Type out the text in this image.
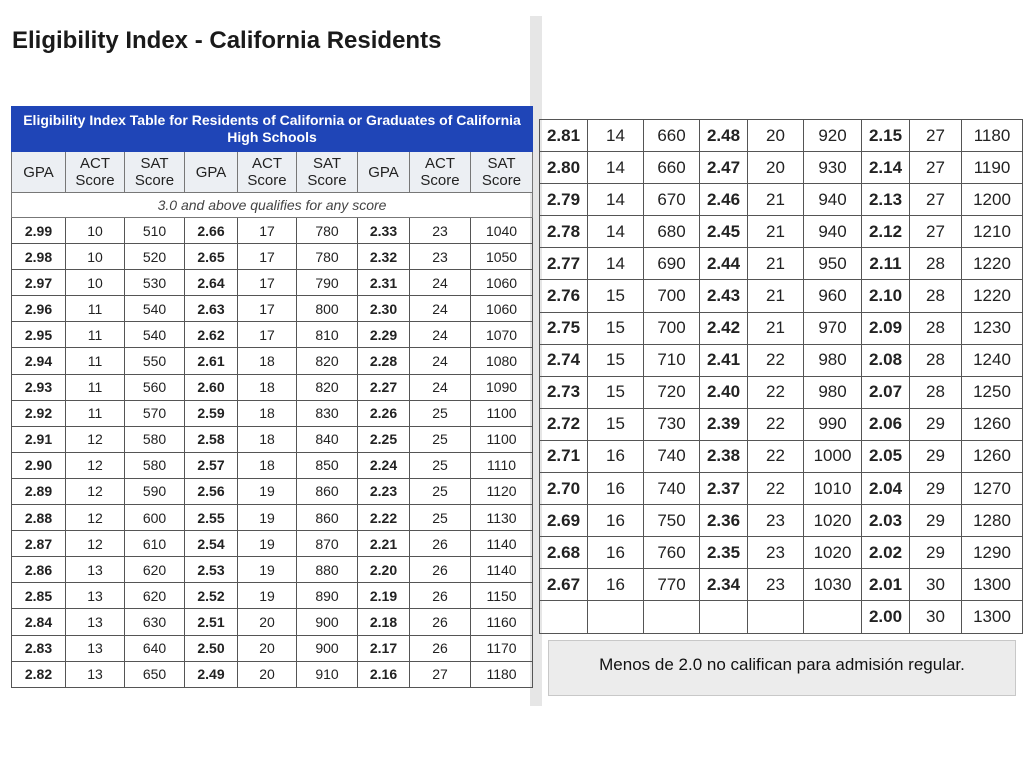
Eligibility Index - California Residents
Eligibility Index Table for Residents of California or Graduates of California High Schools								
GPA	ACT Score	SAT Score	GPA	ACT Score	SAT Score	GPA	ACT Score	SAT Score
3.0 and above qualifies for any score								
2.99	10	510	2.66	17	780	2.33	23	1040
2.98	10	520	2.65	17	780	2.32	23	1050
2.97	10	530	2.64	17	790	2.31	24	1060
2.96	11	540	2.63	17	800	2.30	24	1060
2.95	11	540	2.62	17	810	2.29	24	1070
2.94	11	550	2.61	18	820	2.28	24	1080
2.93	11	560	2.60	18	820	2.27	24	1090
2.92	11	570	2.59	18	830	2.26	25	1100
2.91	12	580	2.58	18	840	2.25	25	1100
2.90	12	580	2.57	18	850	2.24	25	1110
2.89	12	590	2.56	19	860	2.23	25	1120
2.88	12	600	2.55	19	860	2.22	25	1130
2.87	12	610	2.54	19	870	2.21	26	1140
2.86	13	620	2.53	19	880	2.20	26	1140
2.85	13	620	2.52	19	890	2.19	26	1150
2.84	13	630	2.51	20	900	2.18	26	1160
2.83	13	640	2.50	20	900	2.17	26	1170
2.82	13	650	2.49	20	910	2.16	27	1180
2.81	14	660	2.48	20	920	2.15	27	1180
2.80	14	660	2.47	20	930	2.14	27	1190
2.79	14	670	2.46	21	940	2.13	27	1200
2.78	14	680	2.45	21	940	2.12	27	1210
2.77	14	690	2.44	21	950	2.11	28	1220
2.76	15	700	2.43	21	960	2.10	28	1220
2.75	15	700	2.42	21	970	2.09	28	1230
2.74	15	710	2.41	22	980	2.08	28	1240
2.73	15	720	2.40	22	980	2.07	28	1250
2.72	15	730	2.39	22	990	2.06	29	1260
2.71	16	740	2.38	22	1000	2.05	29	1260
2.70	16	740	2.37	22	1010	2.04	29	1270
2.69	16	750	2.36	23	1020	2.03	29	1280
2.68	16	760	2.35	23	1020	2.02	29	1290
2.67	16	770	2.34	23	1030	2.01	30	1300
						2.00	30	1300
Menos de 2.0 no califican para admisión regular.
